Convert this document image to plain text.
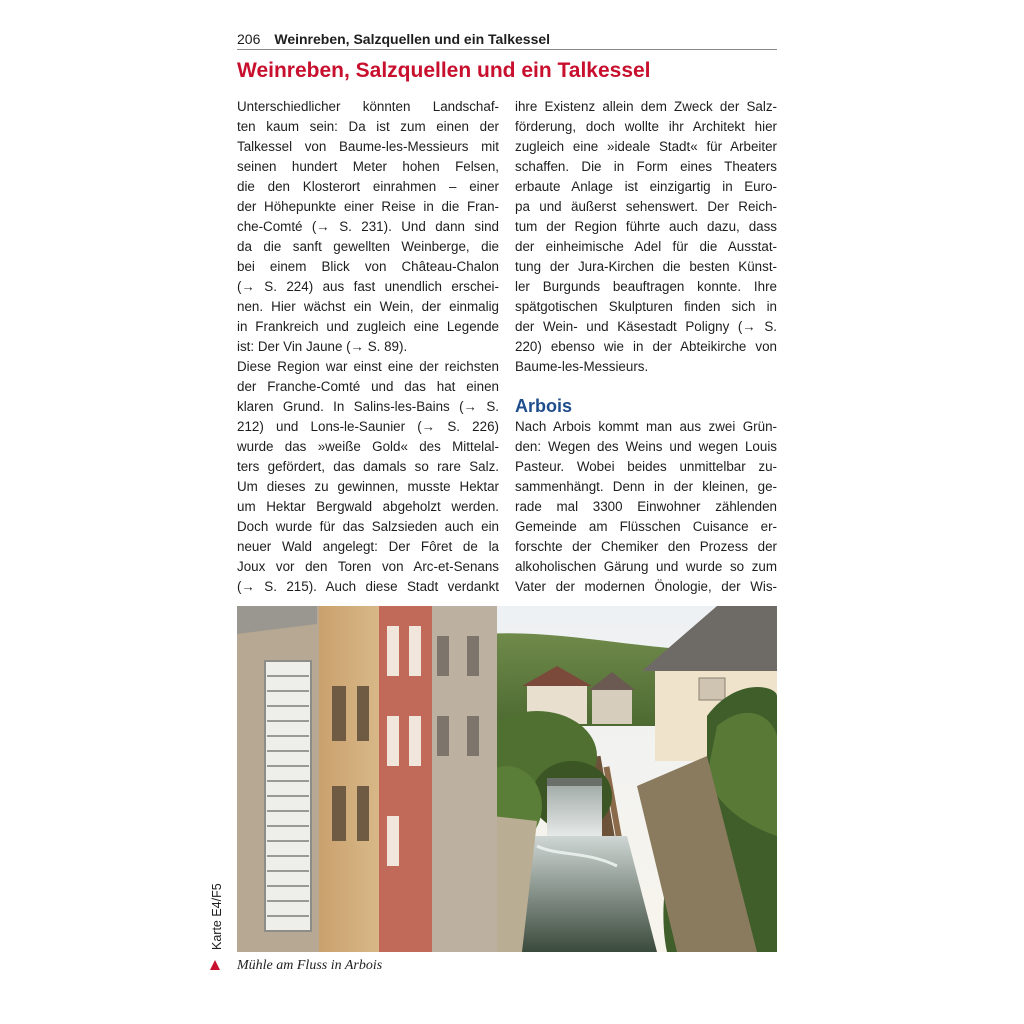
206 Weinreben, Salzquellen und ein Talkessel
Weinreben, Salzquellen und ein Talkessel
Unterschiedlicher könnten Landschaf-
ten kaum sein: Da ist zum einen der
Talkessel von Baume-les-Messieurs mit
seinen hundert Meter hohen Felsen,
die den Klosterort einrahmen – einer
der Höhepunkte einer Reise in die Fran-
che-Comté (→ S. 231). Und dann sind
da die sanft gewellten Weinberge, die
bei einem Blick von Château-Chalon
(→ S. 224) aus fast unendlich erschei-
nen. Hier wächst ein Wein, der einmalig
in Frankreich und zugleich eine Legende
ist: Der Vin Jaune (→ S. 89).
Diese Region war einst eine der reichsten
der Franche-Comté und das hat einen
klaren Grund. In Salins-les-Bains (→ S.
212) und Lons-le-Saunier (→ S. 226)
wurde das »weiße Gold« des Mittelal-
ters gefördert, das damals so rare Salz.
Um dieses zu gewinnen, musste Hektar
um Hektar Bergwald abgeholzt werden.
Doch wurde für das Salzsieden auch ein
neuer Wald angelegt: Der Fôret de la
Joux vor den Toren von Arc-et-Senans
(→ S. 215). Auch diese Stadt verdankt
ihre Existenz allein dem Zweck der Salz-
förderung, doch wollte ihr Architekt hier
zugleich eine »ideale Stadt« für Arbeiter
schaffen. Die in Form eines Theaters
erbaute Anlage ist einzigartig in Euro-
pa und äußerst sehenswert. Der Reich-
tum der Region führte auch dazu, dass
der einheimische Adel für die Ausstat-
tung der Jura-Kirchen die besten Künst-
ler Burgunds beauftragen konnte. Ihre
spätgotischen Skulpturen finden sich in
der Wein- und Käsestadt Poligny (→ S.
220) ebenso wie in der Abteikirche von
Baume-les-Messieurs.
Arbois
Nach Arbois kommt man aus zwei Grün-
den: Wegen des Weins und wegen Louis
Pasteur. Wobei beides unmittelbar zu-
sammenhängt. Denn in der kleinen, ge-
rade mal 3300 Einwohner zählenden
Gemeinde am Flüsschen Cuisance er-
forschte der Chemiker den Prozess der
alkoholischen Gärung und wurde so zum
Vater der modernen Önologie, der Wis-
Mühle am Fluss in Arbois
Karte E4/F5
